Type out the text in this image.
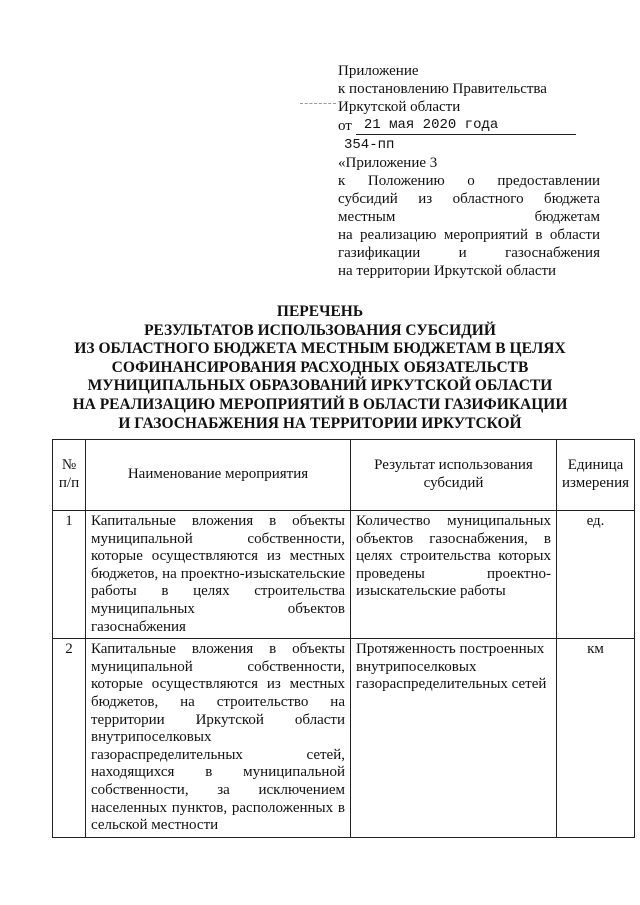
Приложение
к постановлению Правительства
Иркутской области
от 21 мая 2020 года
354-пп
«Приложение 3
к Положению о предоставлении
субсидий из областного бюджета
местным бюджетам
на реализацию мероприятий в области
газификации и газоснабжения
на территории Иркутской области
ПЕРЕЧЕНЬ
РЕЗУЛЬТАТОВ ИСПОЛЬЗОВАНИЯ СУБСИДИЙ
ИЗ ОБЛАСТНОГО БЮДЖЕТА МЕСТНЫМ БЮДЖЕТАМ В ЦЕЛЯХ
СОФИНАНСИРОВАНИЯ РАСХОДНЫХ ОБЯЗАТЕЛЬСТВ
МУНИЦИПАЛЬНЫХ ОБРАЗОВАНИЙ ИРКУТСКОЙ ОБЛАСТИ
НА РЕАЛИЗАЦИЮ МЕРОПРИЯТИЙ В ОБЛАСТИ ГАЗИФИКАЦИИ
И ГАЗОСНАБЖЕНИЯ НА ТЕРРИТОРИИ ИРКУТСКОЙ
№ п/п	Наименование мероприятия	Результат использования субсидий	Единица измерения
1	Капитальные вложения в объекты муниципальной собственности, которые осуществляются из местных бюджетов, на проектно-изыскательские работы в целях строительства муниципальных объектов газоснабжения	Количество муниципальных объектов газоснабжения, в целях строительства которых проведены проектно-изыскательские работы	ед.
2	Капитальные вложения в объекты муниципальной собственности, которые осуществляются из местных бюджетов, на строительство на территории Иркутской области внутрипоселковых газораспределительных сетей, находящихся в муниципальной собственности, за исключением населенных пунктов, расположенных в сельской местности	Протяженность построенных внутрипоселковых газораспределительных сетей	км
